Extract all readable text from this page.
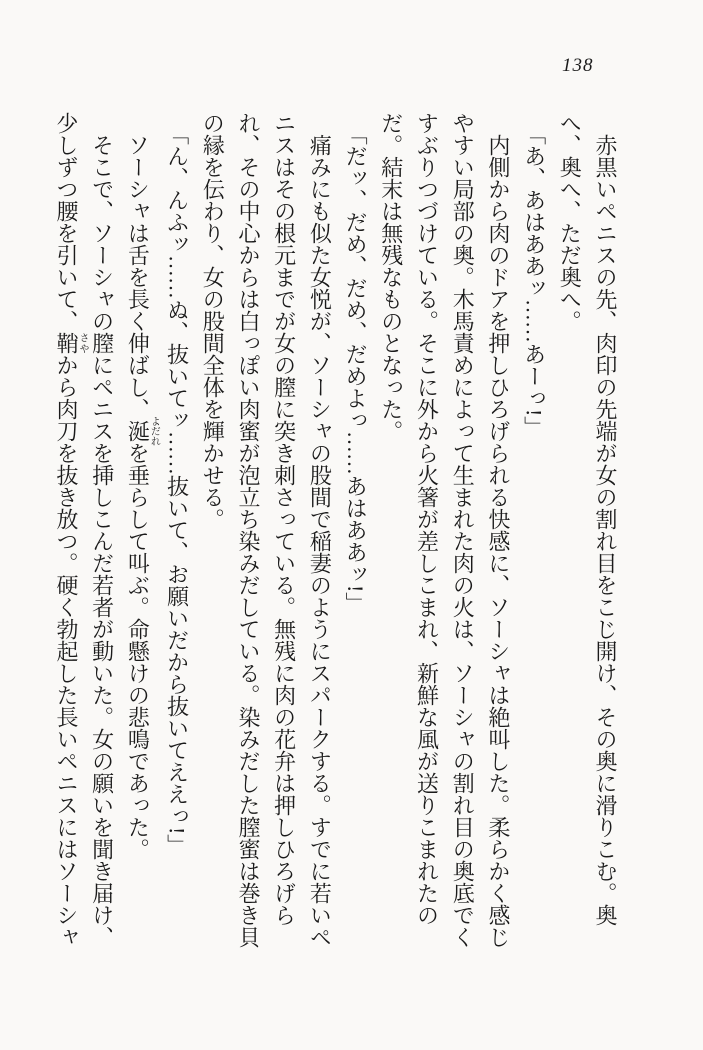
138

赤黒いペニスの先、肉印の先端が女の割れ目をこじ開け、その奥に滑りこむ。奥へ、奥へ、ただ奥へ。

「あ、あはああッ……あーっ!」

内側から肉のドアを押しひろげられる快感に、ソーシャは絶叫した。柔らかく感じやすい局部の奥。木馬責めによって生まれた肉の火は、ソーシャの割れ目の奥底でくすぶりつづけている。そこに外から火箸が差しこまれ、新鮮な風が送りこまれたのだ。結末は無残なものとなった。

「だッ、だめ、だめ、だめよっ……あはああッ!」

痛みにも似た女悦が、ソーシャの股間で稲妻のようにスパークする。すでに若いペニスはその根元までが女の膣に突き刺さっている。無残に肉の花弁は押しひろげられ、その中心からは白っぽい肉蜜が泡立ち染みだしている。染みだした膣蜜は巻き貝の縁を伝わり、女の股間全体を輝かせる。

「ん、んふッ……ぬ、抜いてッ……抜いて、お願いだから抜いてええっ!」

ソーシャは舌を長く伸ばし、涎よだれを垂らして叫ぶ。命懸けの悲鳴であった。

そこで、ソーシャの膣にペニスを挿しこんだ若者が動いた。女の願いを聞き届け、少しずつ腰を引いて、鞘さやから肉刀を抜き放つ。硬く勃起した長いペニスにはソーシャ
